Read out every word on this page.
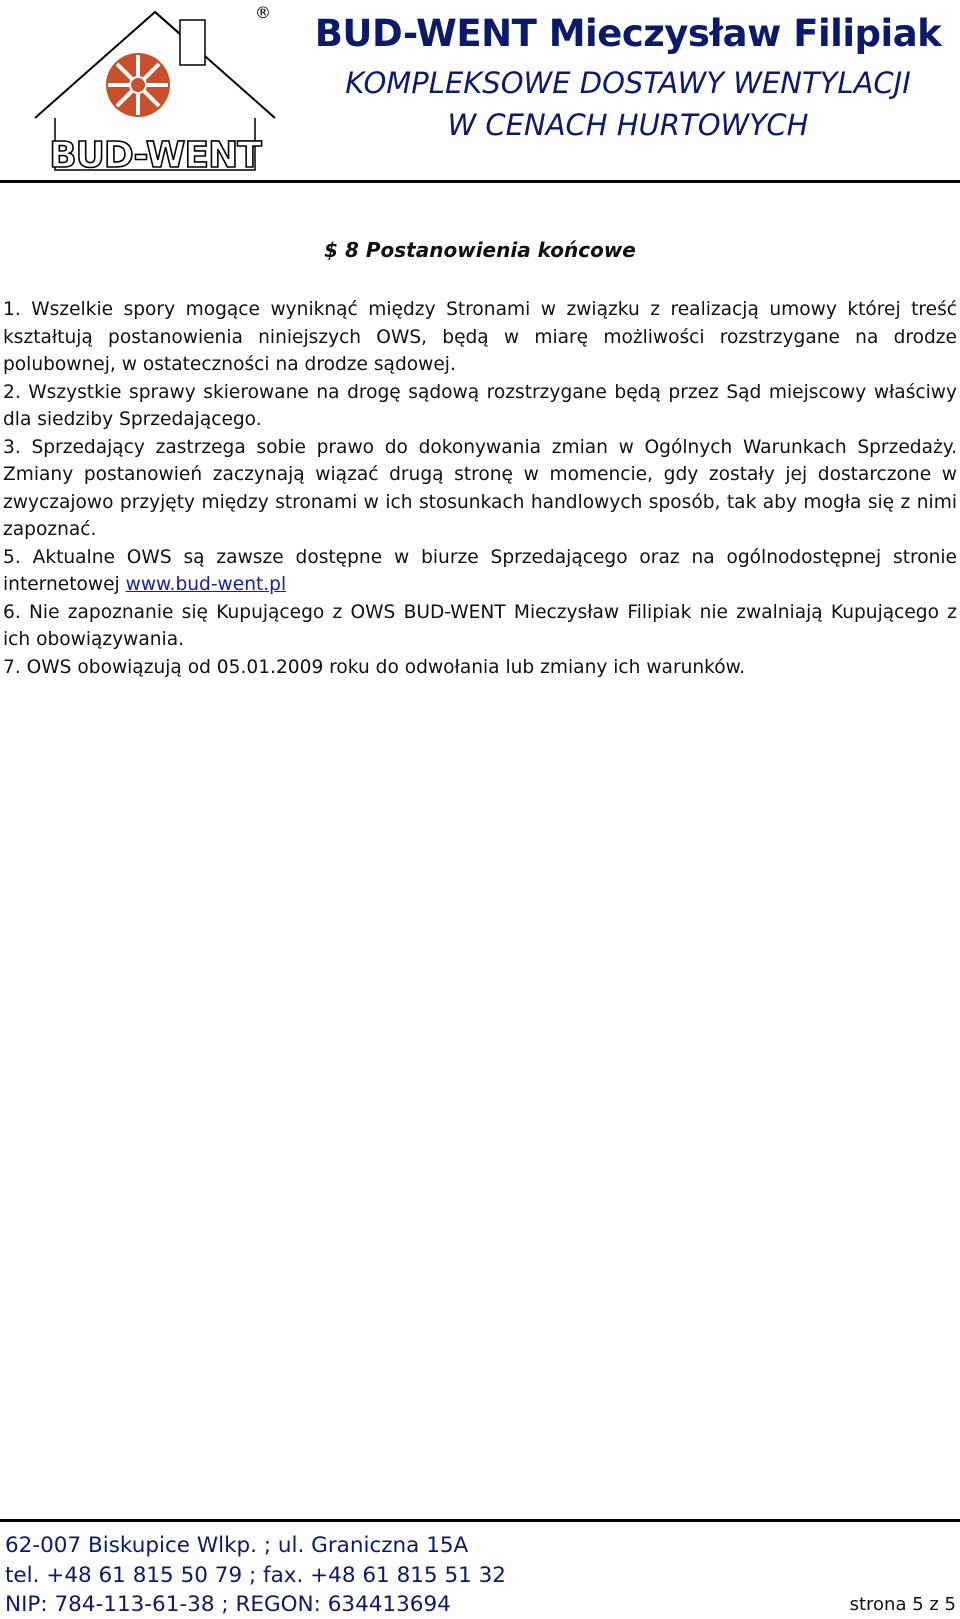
BUD-WENT
®	BUD-WENT Mieczysław Filipiak
KOMPLEKSOWE DOSTAWY WENTYLACJI
W CENACH HURTOWYCH
$ 8 Postanowienia końcowe

1. Wszelkie spory mogące wyniknąć między Stronami w związku z realizacją umowy której treść kształtują postanowienia niniejszych OWS, będą w miarę możliwości rozstrzygane na drodze polubownej, w ostateczności na drodze sądowej.

2. Wszystkie sprawy skierowane na drogę sądową rozstrzygane będą przez Sąd miejscowy właściwy dla siedziby Sprzedającego.

3. Sprzedający zastrzega sobie prawo do dokonywania zmian w Ogólnych Warunkach Sprzedaży. Zmiany postanowień zaczynają wiązać drugą stronę w momencie, gdy zostały jej dostarczone w zwyczajowo przyjęty między stronami w ich stosunkach handlowych sposób, tak aby mogła się z nimi zapoznać.

5. Aktualne OWS są zawsze dostępne w biurze Sprzedającego oraz na ogólnodostępnej stronie internetowej www.bud-went.pl

6. Nie zapoznanie się Kupującego z OWS BUD-WENT Mieczysław Filipiak nie zwalniają Kupującego z ich obowiązywania.

7. OWS obowiązują od 05.01.2009 roku do odwołania lub zmiany ich warunków.

62-007 Biskupice Wlkp. ; ul. Graniczna 15A
tel. +48 61 815 50 79 ; fax. +48 61 815 51 32
NIP: 784-113-61-38 ; REGON: 634413694	strona 5 z 5
